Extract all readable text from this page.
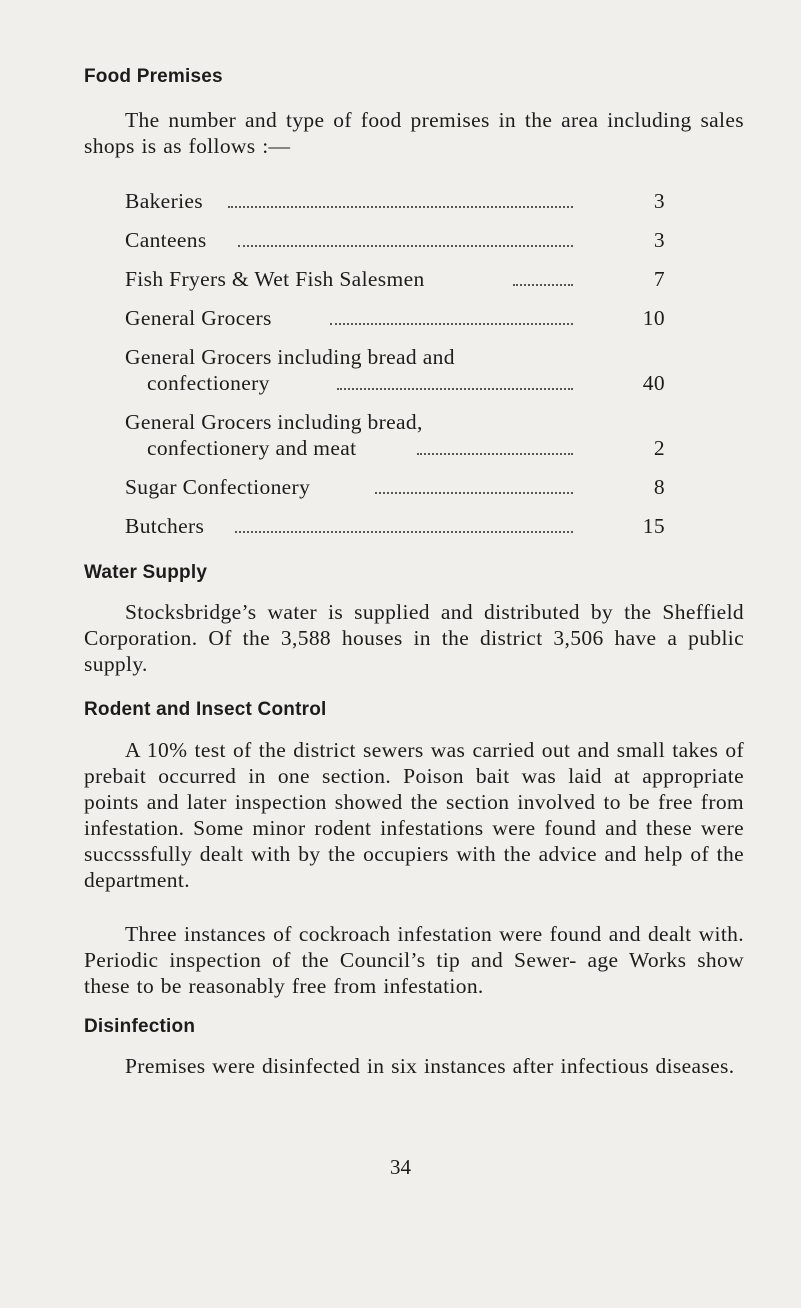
Food Premises

The number and type of food premises in the area including sales shops is as follows :—

Bakeries	3
Canteens	3
Fish Fryers & Wet Fish Salesmen	7
General Grocers	10
General Grocers including bread and
confectionery	40
General Grocers including bread,
confectionery and meat	2
Sugar Confectionery	8
Butchers	15
Water Supply

Stocksbridge’s water is supplied and distributed by the Sheffield Corporation. Of the 3,588 houses in the district 3,506 have a public supply.

Rodent and Insect Control

A 10% test of the district sewers was carried out and small takes of prebait occurred in one section. Poison bait was laid at appropriate points and later inspection showed the section involved to be free from infestation. Some minor rodent infestations were found and these were succsssfully dealt with by the occupiers with the advice and help of the department.

Three instances of cockroach infestation were found and dealt with. Periodic inspection of the Council’s tip and Sewer- age Works show these to be reasonably free from infestation.

Disinfection

Premises were disinfected in six instances after infectious diseases.

34
